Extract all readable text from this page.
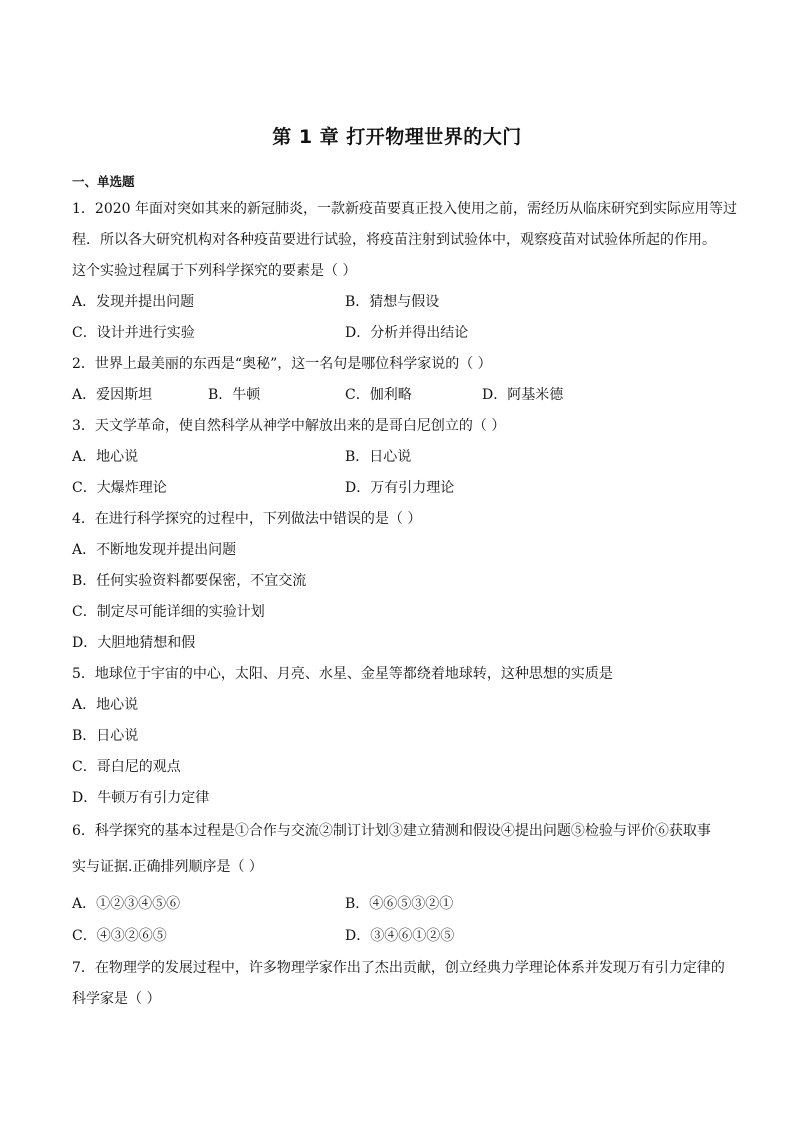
第 1 章 打开物理世界的大门
一、单选题
1．2020 年面对突如其来的新冠肺炎，一款新疫苗要真正投入使用之前，需经历从临床研究到实际应用等过
程．所以各大研究机构对各种疫苗要进行试验，将疫苗注射到试验体中，观察疫苗对试验体所起的作用。
这个实验过程属于下列科学探究的要素是（ ）
A．发现并提出问题	B．猜想与假设
C．设计并进行实验	D．分析并得出结论
2．世界上最美丽的东西是“奥秘”，这一名句是哪位科学家说的（ ）
A．爱因斯坦	B．牛顿	C．伽利略	D．阿基米德
3．天文学革命，使自然科学从神学中解放出来的是哥白尼创立的（ ）
A．地心说	B．日心说
C．大爆炸理论	D．万有引力理论
4．在进行科学探究的过程中，下列做法中错误的是（ ）
A．不断地发现并提出问题
B．任何实验资料都要保密，不宜交流
C．制定尽可能详细的实验计划
D．大胆地猜想和假
5．地球位于宇宙的中心，太阳、月亮、水星、金星等都绕着地球转，这种思想的实质是
A．地心说
B．日心说
C．哥白尼的观点
D．牛顿万有引力定律
6．科学探究的基本过程是①合作与交流②制订计划③建立猜测和假设④提出问题⑤检验与评价⑥获取事
实与证据.正确排列顺序是（ ）
A．①②③④⑤⑥	B．④⑥⑤③②①
C．④③②⑥⑤	D．③④⑥①②⑤
7．在物理学的发展过程中，许多物理学家作出了杰出贡献，创立经典力学理论体系并发现万有引力定律的
科学家是（ ）
